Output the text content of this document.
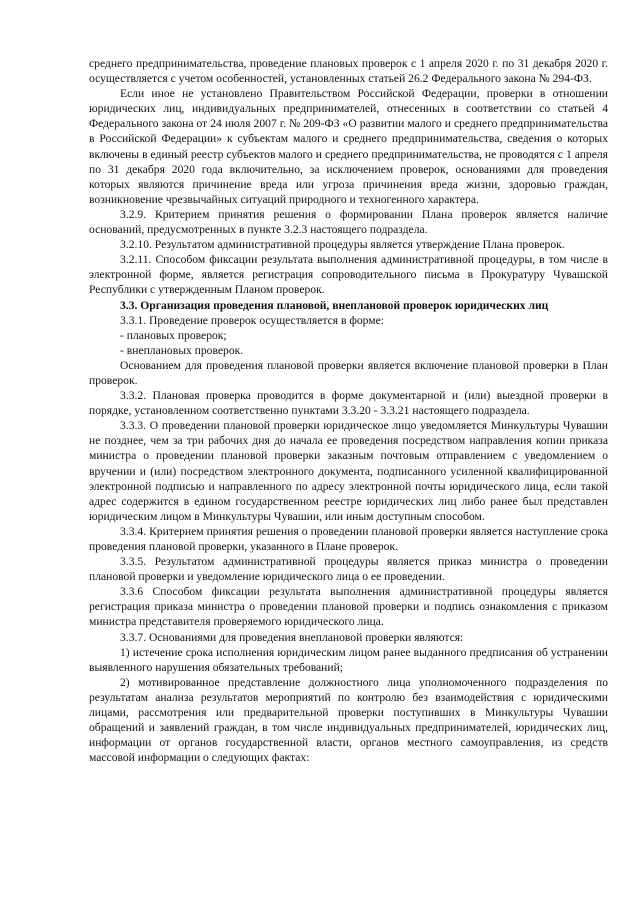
среднего предпринимательства, проведение плановых проверок с 1 апреля 2020 г. по 31 декабря 2020 г. осуществляется с учетом особенностей, установленных статьей 26.2 Федерального закона № 294-ФЗ.

Если иное не установлено Правительством Российской Федерации, проверки в отношении юридических лиц, индивидуальных предпринимателей, отнесенных в соответствии со статьей 4 Федерального закона от 24 июля 2007 г. № 209-ФЗ «О развитии малого и среднего предпринимательства в Российской Федерации» к субъектам малого и среднего предпринимательства, сведения о которых включены в единый реестр субъектов малого и среднего предпринимательства, не проводятся с 1 апреля по 31 декабря 2020 года включительно, за исключением проверок, основаниями для проведения которых являются причинение вреда или угроза причинения вреда жизни, здоровью граждан, возникновение чрезвычайных ситуаций природного и техногенного характера.

3.2.9. Критерием принятия решения о формировании Плана проверок является наличие оснований, предусмотренных в пункте 3.2.3 настоящего подраздела.

3.2.10. Результатом административной процедуры является утверждение Плана проверок.

3.2.11. Способом фиксации результата выполнения административной процедуры, в том числе в электронной форме, является регистрация сопроводительного письма в Прокуратуру Чувашской Республики с утвержденным Планом проверок.

3.3. Организация проведения плановой, внеплановой проверок юридических лиц

3.3.1. Проведение проверок осуществляется в форме:

- плановых проверок;

- внеплановых проверок.

Основанием для проведения плановой проверки является включение плановой проверки в План проверок.

3.3.2. Плановая проверка проводится в форме документарной и (или) выездной проверки в порядке, установленном соответственно пунктами 3.3.20 - 3.3.21 настоящего подраздела.

3.3.3. О проведении плановой проверки юридическое лицо уведомляется Минкультуры Чувашии не позднее, чем за три рабочих дня до начала ее проведения посредством направления копии приказа министра о проведении плановой проверки заказным почтовым отправлением с уведомлением о вручении и (или) посредством электронного документа, подписанного усиленной квалифицированной электронной подписью и направленного по адресу электронной почты юридического лица, если такой адрес содержится в едином государственном реестре юридических лиц либо ранее был представлен юридическим лицом в Минкультуры Чувашии, или иным доступным способом.

3.3.4. Критерием принятия решения о проведении плановой проверки является наступление срока проведения плановой проверки, указанного в Плане проверок.

3.3.5. Результатом административной процедуры является приказ министра о проведении плановой проверки и уведомление юридического лица о ее проведении.

3.3.6 Способом фиксации результата выполнения административной процедуры является регистрация приказа министра о проведении плановой проверки и подпись ознакомления с приказом министра представителя проверяемого юридического лица.

3.3.7. Основаниями для проведения внеплановой проверки являются:

1) истечение срока исполнения юридическим лицом ранее выданного предписания об устранении выявленного нарушения обязательных требований;

2) мотивированное представление должностного лица уполномоченного подразделения по результатам анализа результатов мероприятий по контролю без взаимодействия с юридическими лицами, рассмотрения или предварительной проверки поступивших в Минкультуры Чувашии обращений и заявлений граждан, в том числе индивидуальных предпринимателей, юридических лиц, информации от органов государственной власти, органов местного самоуправления, из средств массовой информации о следующих фактах:
